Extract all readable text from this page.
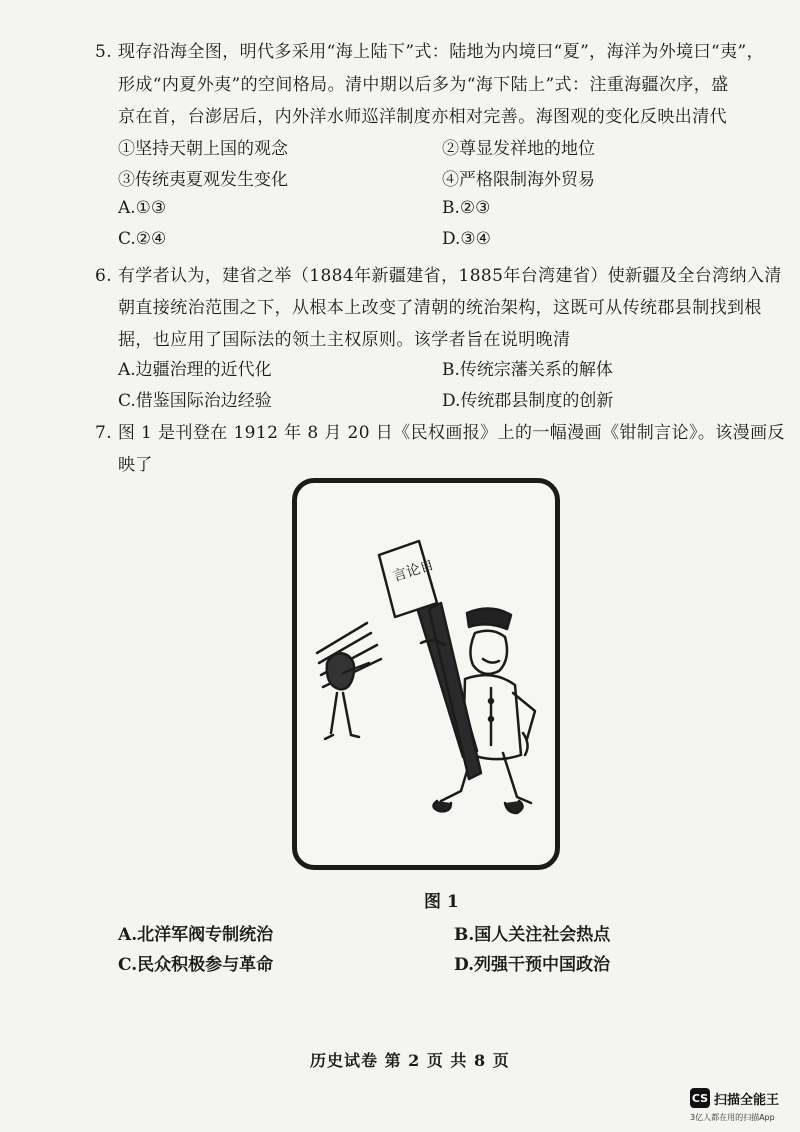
5. 现存沿海全图，明代多采用“海上陆下”式：陆地为内境曰“夏”，海洋为外境曰“夷”，
形成“内夏外夷”的空间格局。清中期以后多为“海下陆上”式：注重海疆次序，盛
京在首，台澎居后，内外洋水师巡洋制度亦相对完善。海图观的变化反映出清代
①坚持天朝上国的观念	②尊显发祥地的地位
③传统夷夏观发生变化	④严格限制海外贸易
A.①③	B.②③
C.②④	D.③④
6. 有学者认为，建省之举（1884年新疆建省，1885年台湾建省）使新疆及全台湾纳入清
朝直接统治范围之下，从根本上改变了清朝的统治架构，这既可从传统郡县制找到根
据，也应用了国际法的领土主权原则。该学者旨在说明晚清
A.边疆治理的近代化	B.传统宗藩关系的解体
C.借鉴国际治边经验	D.传统郡县制度的创新
7. 图 1 是刊登在 1912 年 8 月 20 日《民权画报》上的一幅漫画《钳制言论》。该漫画反
映了
言论自
图 1
A.北洋军阀专制统治	B.国人关注社会热点
C.民众积极参与革命	D.列强干预中国政治
历史试卷 第 2 页 共 8 页
CS 扫描全能王
3亿人都在用的扫描App
